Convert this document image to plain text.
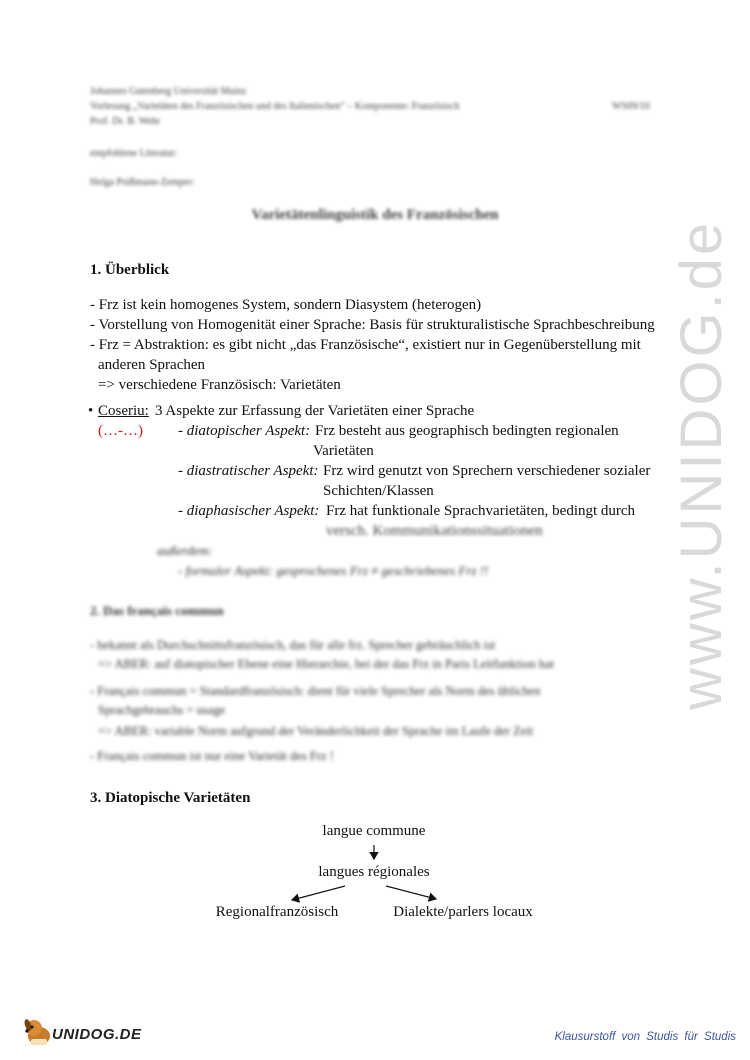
www.UNIDOG.de
Johannes Gutenberg Universität Mainz
Vorlesung „Varietäten des Französischen und des Italienischen“ – Komponente: Französisch	WS09/10
Prof. Dr. B. Wehr
empfohlene Literatur:
Helga Prüßmann-Zemper:
Varietätenlinguistik des Französischen
1. Überblick
- Frz ist kein homogenes System, sondern Diasystem (heterogen)
- Vorstellung von Homogenität einer Sprache: Basis für strukturalistische Sprachbeschreibung
- Frz = Abstraktion: es gibt nicht „das Französische“, existiert nur in Gegenüberstellung mit
anderen Sprachen
=> verschiedene Französisch: Varietäten
• Coseriu: 3 Aspekte zur Erfassung der Varietäten einer Sprache
(…-…) - diatopischer Aspekt: Frz besteht aus geographisch bedingten regionalen
Varietäten
- diastratischer Aspekt: Frz wird genutzt von Sprechern verschiedener sozialer
Schichten/Klassen
- diaphasischer Aspekt: Frz hat funktionale Sprachvarietäten, bedingt durch
versch. Kommunikationssituationen
außerdem:
- formaler Aspekt: gesprochenes Frz ≠ geschriebenes Frz !!
2. Das français commun
- bekannt als Durchschnittsfranzösisch, das für alle frz. Sprecher gebräuchlich ist
=> ABER: auf diatopischer Ebene eine Hierarchie, bei der das Frz in Paris Leitfunktion hat
- Français commun = Standardfranzösisch: dient für viele Sprecher als Norm des üblichen
Sprachgebrauchs = usage
=> ABER: variable Norm aufgrund der Veränderlichkeit der Sprache im Laufe der Zeit
- Français commun ist nur eine Varietät des Frz !
3. Diatopische Varietäten
langue commune
langues régionales
Regionalfranzösisch	Dialekte/parlers locaux
UNIDOG.DE	Klausurstoff von Studis für Studis
